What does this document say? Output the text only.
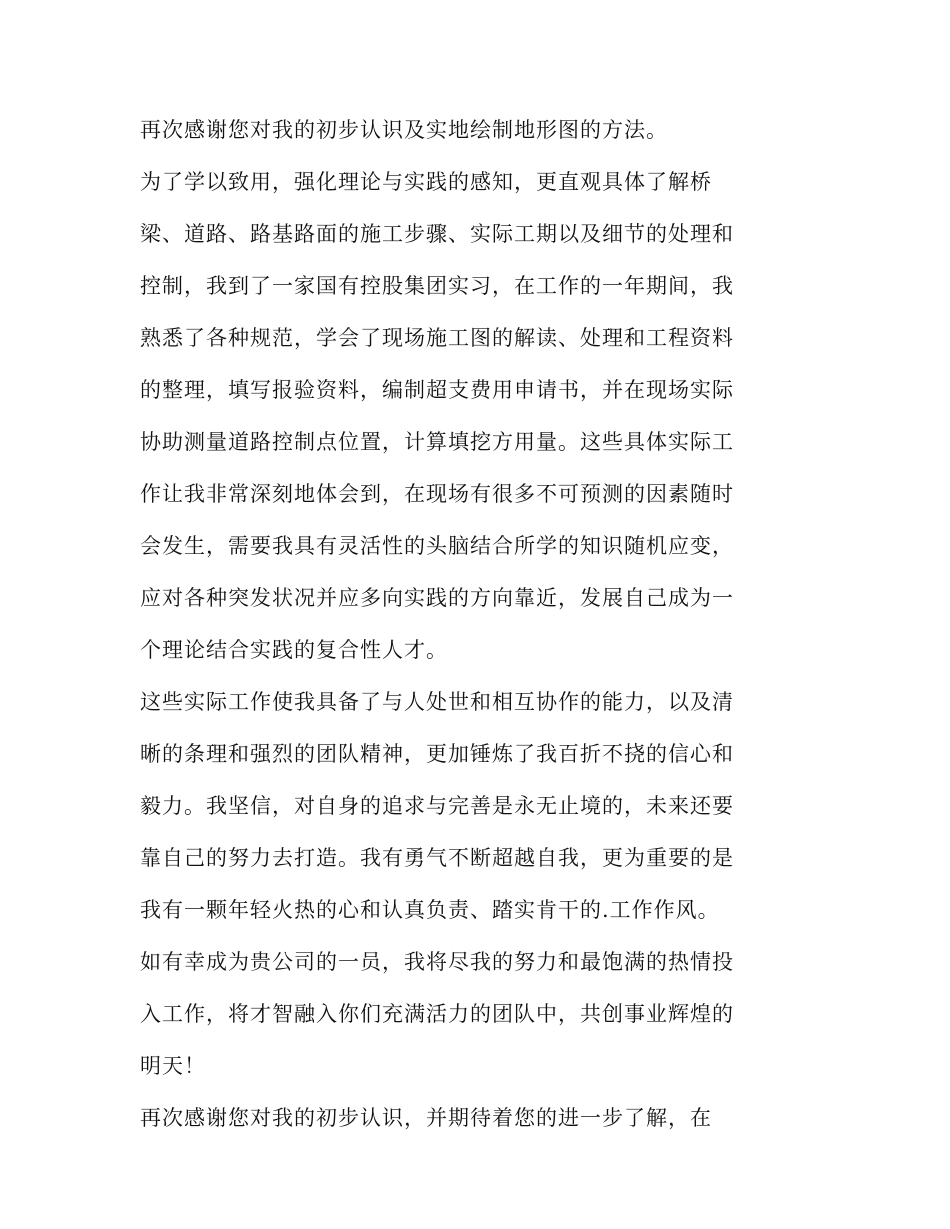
再次感谢您对我的初步认识及实地绘制地形图的方法。
为了学以致用，强化理论与实践的感知，更直观具体了解桥
梁、道路、路基路面的施工步骤、实际工期以及细节的处理和
控制，我到了一家国有控股集团实习，在工作的一年期间，我
熟悉了各种规范，学会了现场施工图的解读、处理和工程资料
的整理，填写报验资料，编制超支费用申请书，并在现场实际
协助测量道路控制点位置，计算填挖方用量。这些具体实际工
作让我非常深刻地体会到，在现场有很多不可预测的因素随时
会发生，需要我具有灵活性的头脑结合所学的知识随机应变，
应对各种突发状况并应多向实践的方向靠近，发展自己成为一
个理论结合实践的复合性人才。
这些实际工作使我具备了与人处世和相互协作的能力，以及清
晰的条理和强烈的团队精神，更加锤炼了我百折不挠的信心和
毅力。我坚信，对自身的追求与完善是永无止境的，未来还要
靠自己的努力去打造。我有勇气不断超越自我，更为重要的是
我有一颗年轻火热的心和认真负责、踏实肯干的.工作作风。
如有幸成为贵公司的一员，我将尽我的努力和最饱满的热情投
入工作，将才智融入你们充满活力的团队中，共创事业辉煌的
明天！
再次感谢您对我的初步认识，并期待着您的进一步了解，在
